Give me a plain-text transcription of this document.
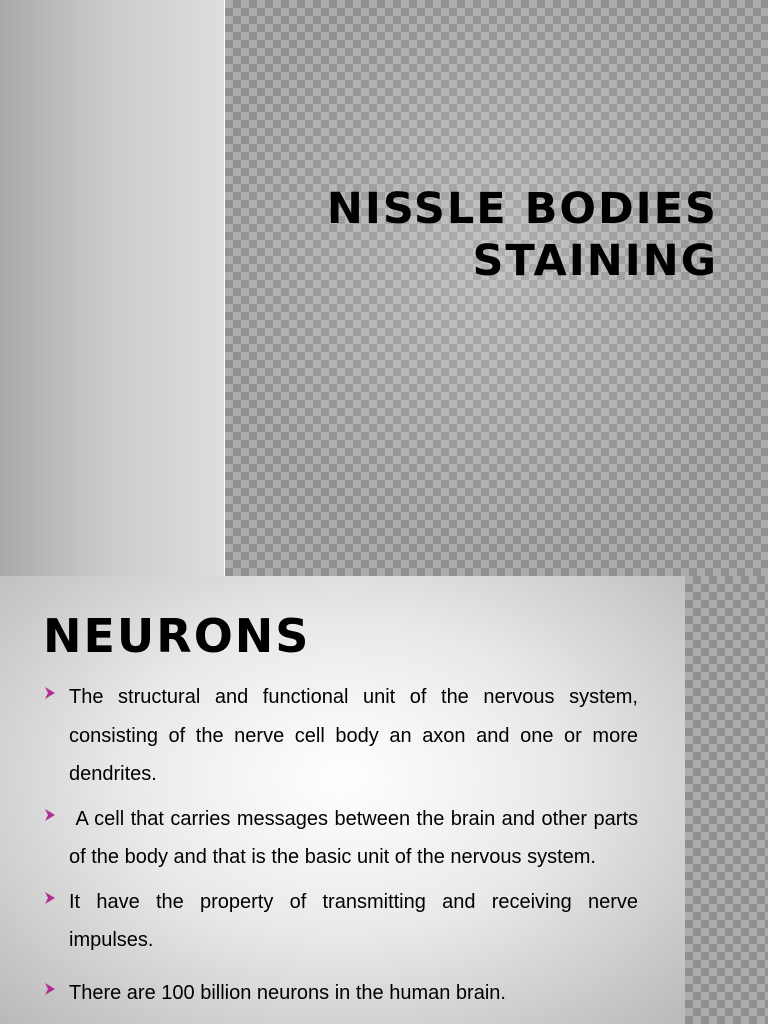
NISSLE BODIES
STAINING
NEURONS
The structural and functional unit of the nervous system, consisting of the nerve cell body an axon and one or more dendrites.
A cell that carries messages between the brain and other parts of the body and that is the basic unit of the nervous system.
It have the property of transmitting and receiving nerve impulses.
There are 100 billion neurons in the human brain.
